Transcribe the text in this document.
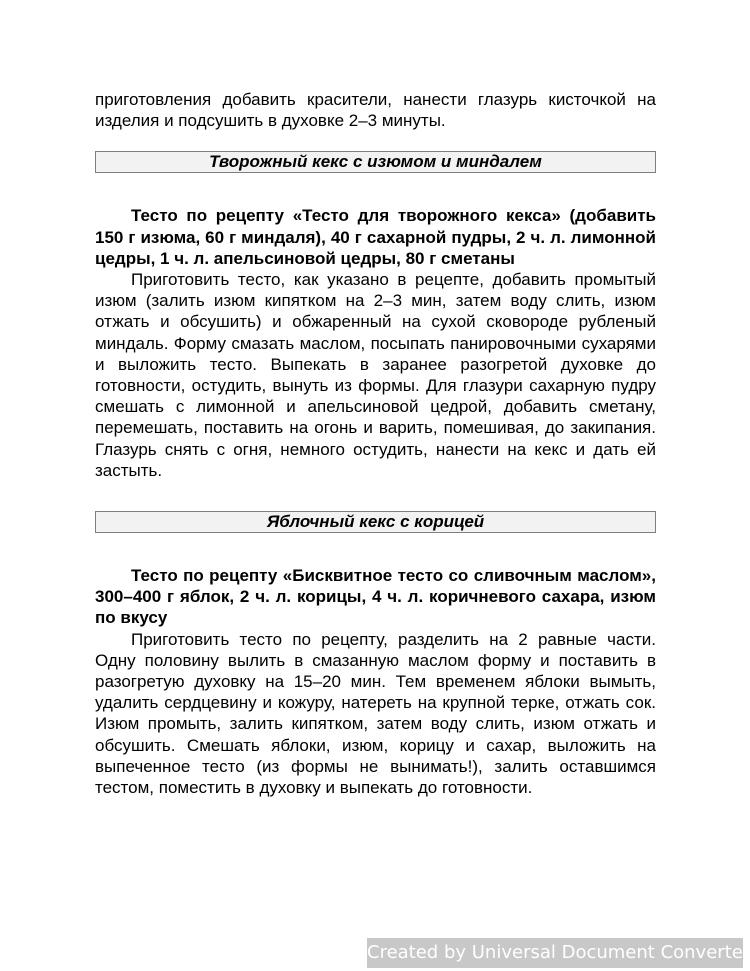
приготовления добавить красители, нанести глазурь кисточкой на изделия и подсушить в духовке 2–3 минуты.

Творожный кекс с изюмом и миндалем

Тесто по рецепту «Тесто для творожного кекса» (добавить 150 г изюма, 60 г миндаля), 40 г сахарной пудры, 2 ч. л. лимонной цедры, 1 ч. л. апельсиновой цедры, 80 г сметаны

Приготовить тесто, как указано в рецепте, добавить промытый изюм (залить изюм кипятком на 2–3 мин, затем воду слить, изюм отжать и обсушить) и обжаренный на сухой сковороде рубленый миндаль. Форму смазать маслом, посыпать панировочными сухарями и выложить тесто. Выпекать в заранее разогретой духовке до готовности, остудить, вынуть из формы. Для глазури сахарную пудру смешать с лимонной и апельсиновой цедрой, добавить сметану, перемешать, поставить на огонь и варить, помешивая, до закипания. Глазурь снять с огня, немного остудить, нанести на кекс и дать ей застыть.

Яблочный кекс с корицей

Тесто по рецепту «Бисквитное тесто со сливочным маслом», 300–400 г яблок, 2 ч. л. корицы, 4 ч. л. коричневого сахара, изюм по вкусу

Приготовить тесто по рецепту, разделить на 2 равные части. Одну половину вылить в смазанную маслом форму и поставить в разогретую духовку на 15–20 мин. Тем временем яблоки вымыть, удалить сердцевину и кожуру, натереть на крупной терке, отжать сок. Изюм промыть, залить кипятком, затем воду слить, изюм отжать и обсушить. Смешать яблоки, изюм, корицу и сахар, выложить на выпеченное тесто (из формы не вынимать!), залить оставшимся тестом, поместить в духовку и выпекать до готовности.

Created by Universal Document Converter
